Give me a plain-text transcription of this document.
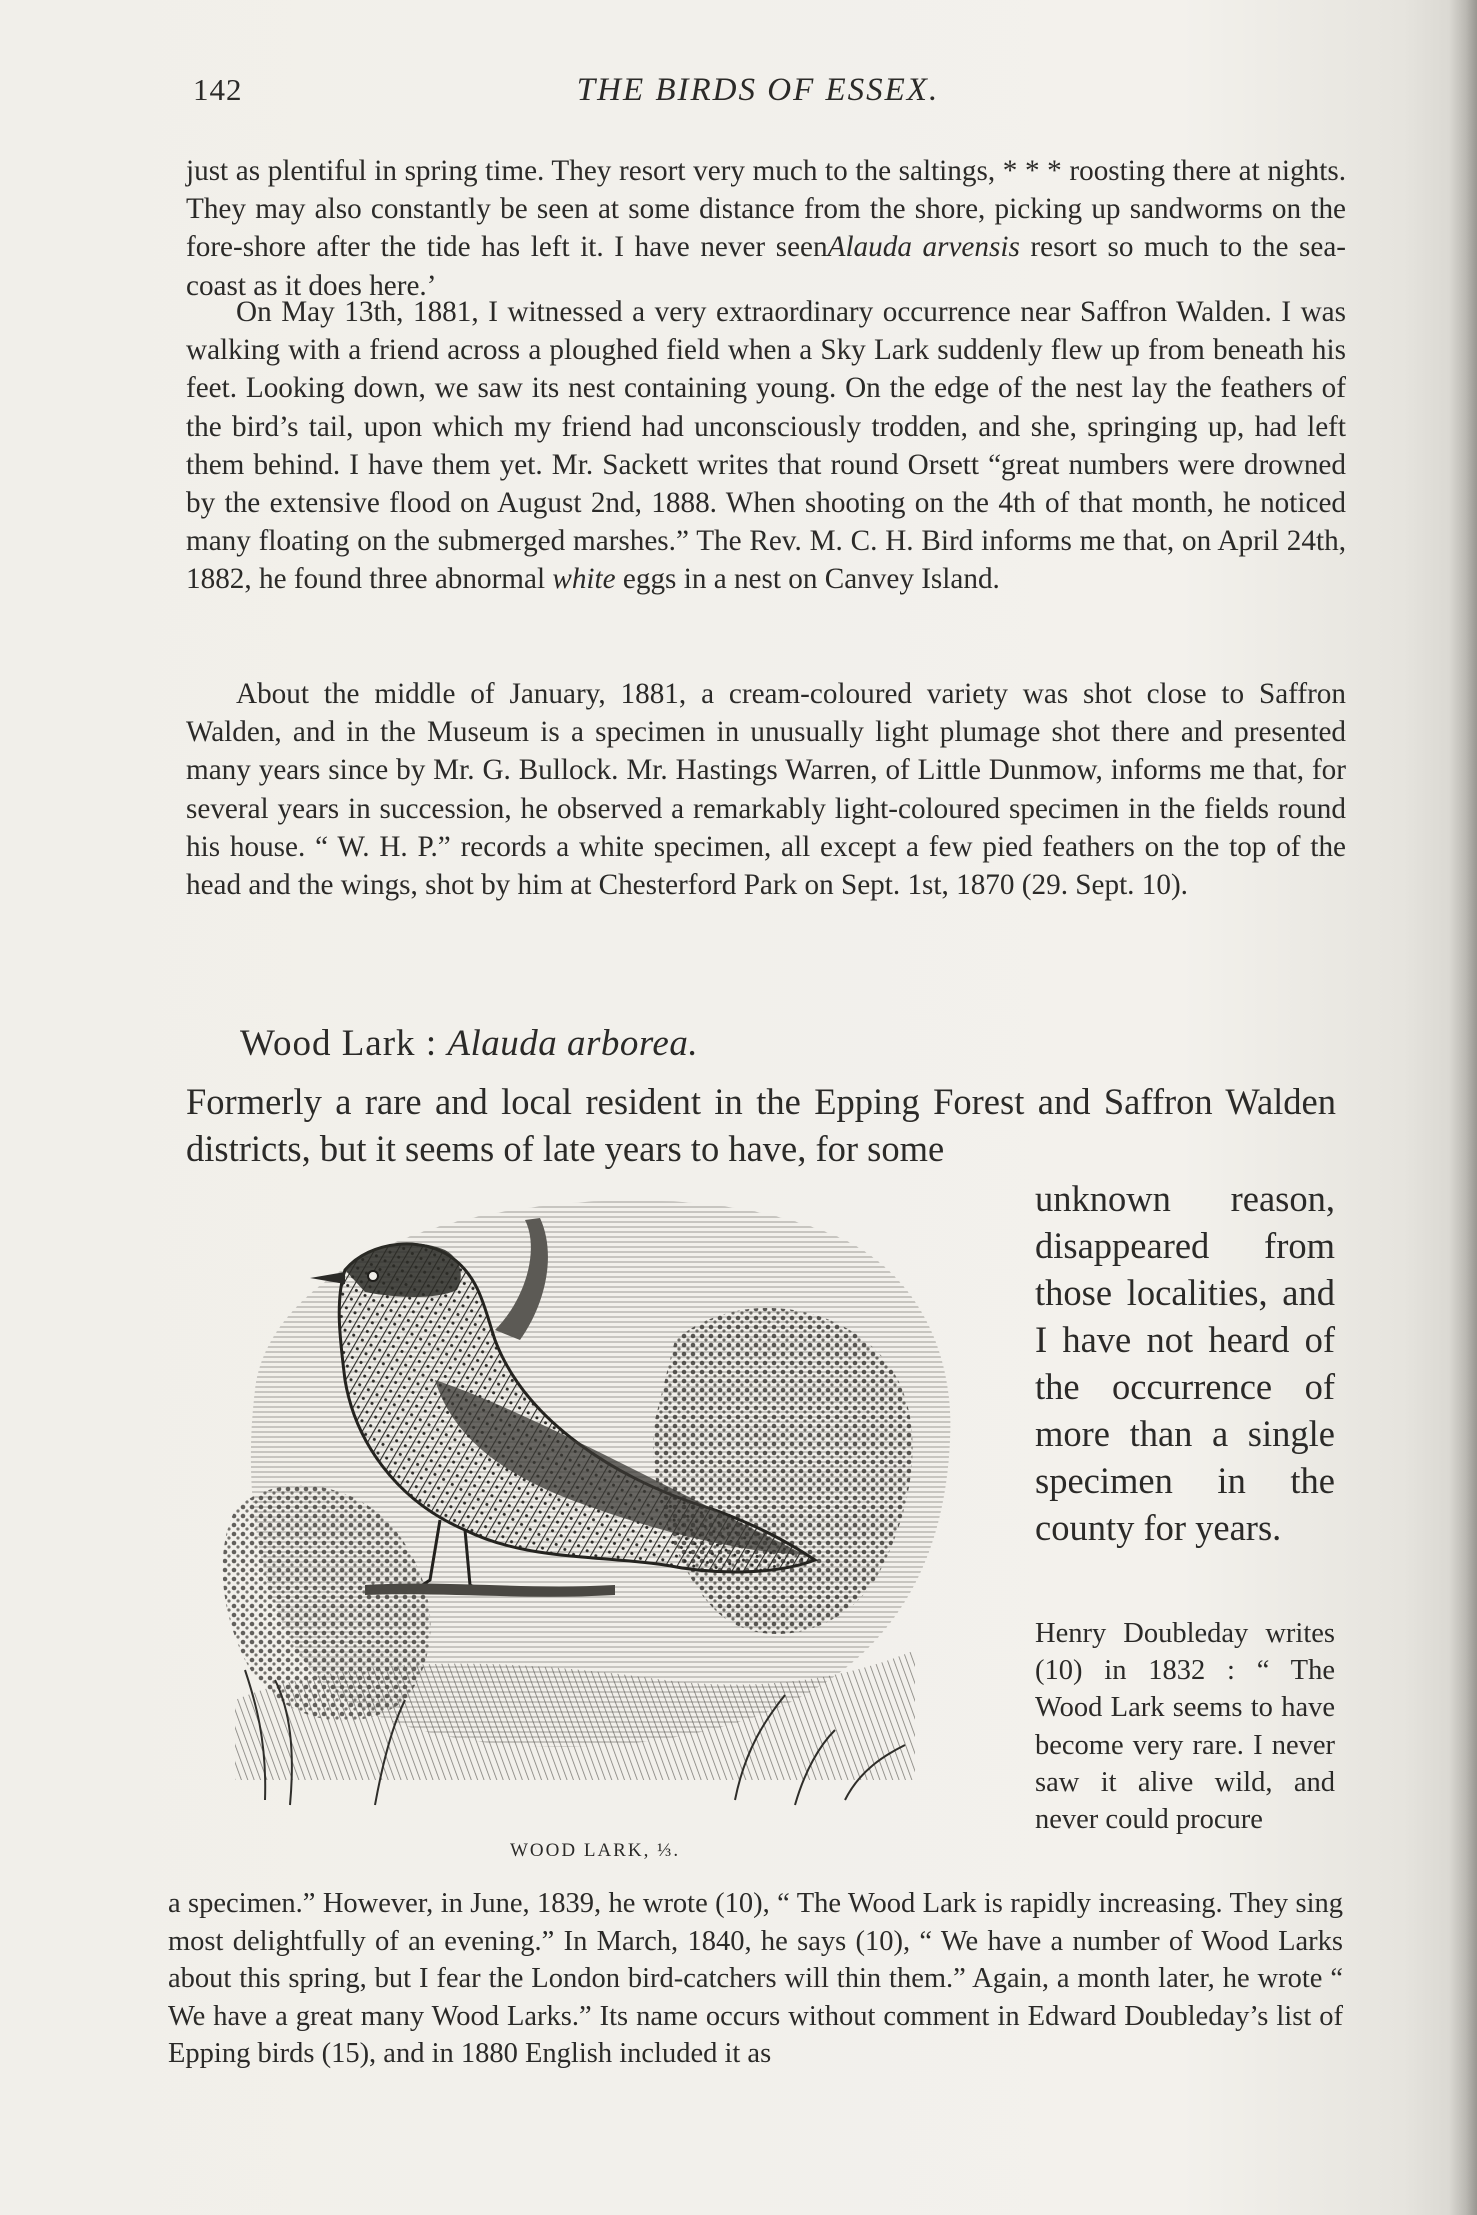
142	THE BIRDS OF ESSEX.
just as plentiful in spring time. They resort very much to the saltings, * * * roosting there at nights. They may also constantly be seen at some distance from the shore, picking up sandworms on the fore-shore after the tide has left it. I have never seenAlauda arvensis resort so much to the sea-coast as it does here.’
On May 13th, 1881, I witnessed a very extraordinary occurrence near Saffron Walden. I was walking with a friend across a ploughed field when a Sky Lark suddenly flew up from beneath his feet. Looking down, we saw its nest containing young. On the edge of the nest lay the feathers of the bird’s tail, upon which my friend had unconsciously trodden, and she, springing up, had left them behind. I have them yet. Mr. Sackett writes that round Orsett “great numbers were drowned by the extensive flood on August 2nd, 1888. When shooting on the 4th of that month, he noticed many floating on the submerged marshes.” The Rev. M. C. H. Bird informs me that, on April 24th, 1882, he found three abnormal white eggs in a nest on Canvey Island.
About the middle of January, 1881, a cream-coloured variety was shot close to Saffron Walden, and in the Museum is a specimen in unusually light plumage shot there and presented many years since by Mr. G. Bullock. Mr. Hastings Warren, of Little Dunmow, informs me that, for several years in succession, he observed a remarkably light-coloured specimen in the fields round his house. “ W. H. P.” records a white specimen, all except a few pied feathers on the top of the head and the wings, shot by him at Chesterford Park on Sept. 1st, 1870 (29. Sept. 10).
Wood Lark : Alauda arborea.
Formerly a rare and local resident in the Epping Forest and Saffron Walden districts, but it seems of late years to have, for some
unknown reason, disappeared from those localities, and I have not heard of the occurrence of more than a single specimen in the county for years.
Henry Doubleday writes (10) in 1832 : “ The Wood Lark seems to have become very rare. I never saw it alive wild, and never could procure
WOOD LARK, ⅓.
a specimen.” However, in June, 1839, he wrote (10), “ The Wood Lark is rapidly increasing. They sing most delightfully of an evening.” In March, 1840, he says (10), “ We have a number of Wood Larks about this spring, but I fear the London bird-catchers will thin them.” Again, a month later, he wrote “ We have a great many Wood Larks.” Its name occurs without comment in Edward Doubleday’s list of Epping birds (15), and in 1880 English included it as
